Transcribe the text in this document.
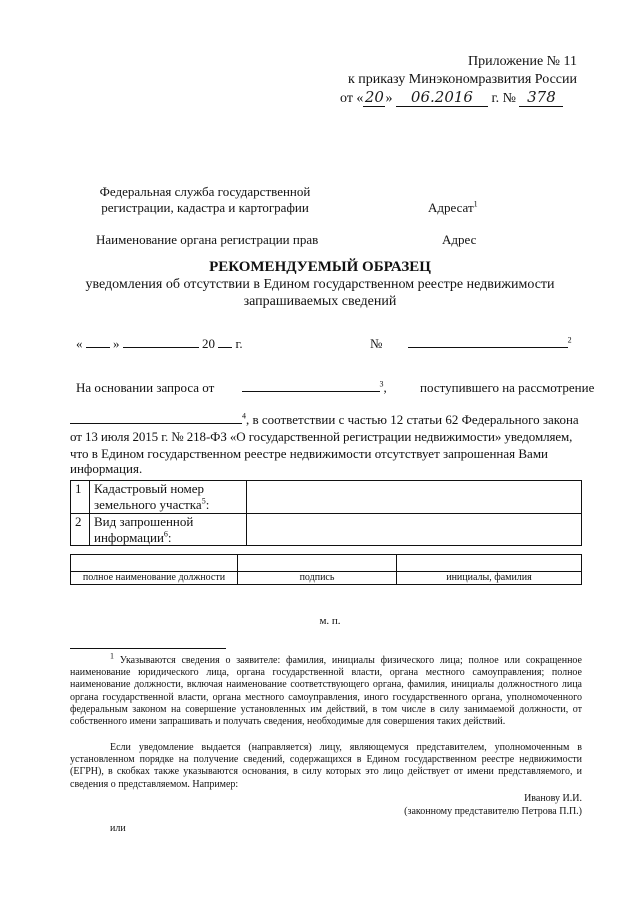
Приложение № 11
к приказу Минэкономразвития России
от «20» 06.2016 г. № 378
Федеральная служба государственной
регистрации, кадастра и картографии
Наименование органа регистрации прав
Адресат$^1$
Адрес
РЕКОМЕНДУЕМЫЙ ОБРАЗЕЦ
уведомления об отсутствии в Едином государственном реестре недвижимости
запрашиваемых сведений
« »	20 г.	№	$^2$
На основании запроса от	$^3$,	поступившего на рассмотрение
$^4$, в соответствии с частью 12 статьи 62 Федерального закона
от 13 июля 2015 г. № 218-ФЗ «О государственной регистрации недвижимости» уведомляем,
что в Едином государственном реестре недвижимости отсутствует запрошенная Вами
информация.
1	Кадастровый номер
земельного участка$^5$:	

2	Вид запрошенной
информации$^6$:	

полное наименование должности	подпись	инициалы, фамилия
м. п.
$^1$ Указываются сведения о заявителе: фамилия, инициалы физического лица; полное или сокращенное наименование юридического лица, органа государственной власти, органа местного самоуправления; полное наименование должности, включая наименование соответствующего органа, фамилия, инициалы должностного лица органа государственной власти, органа местного самоуправления, иного государственного органа, уполномоченного федеральным законом на совершение установленных им действий, в том числе в силу занимаемой должности, от собственного имени запрашивать и получать сведения, необходимые для совершения таких действий.
Если уведомление выдается (направляется) лицу, являющемуся представителем, уполномоченным в установленном порядке на получение сведений, содержащихся в Едином государственном реестре недвижимости (ЕГРН), в скобках также указываются основания, в силу которых это лицо действует от имени представляемого, и сведения о представляемом. Например:
Иванову И.И.
(законному представителю Петрова П.П.)
или
